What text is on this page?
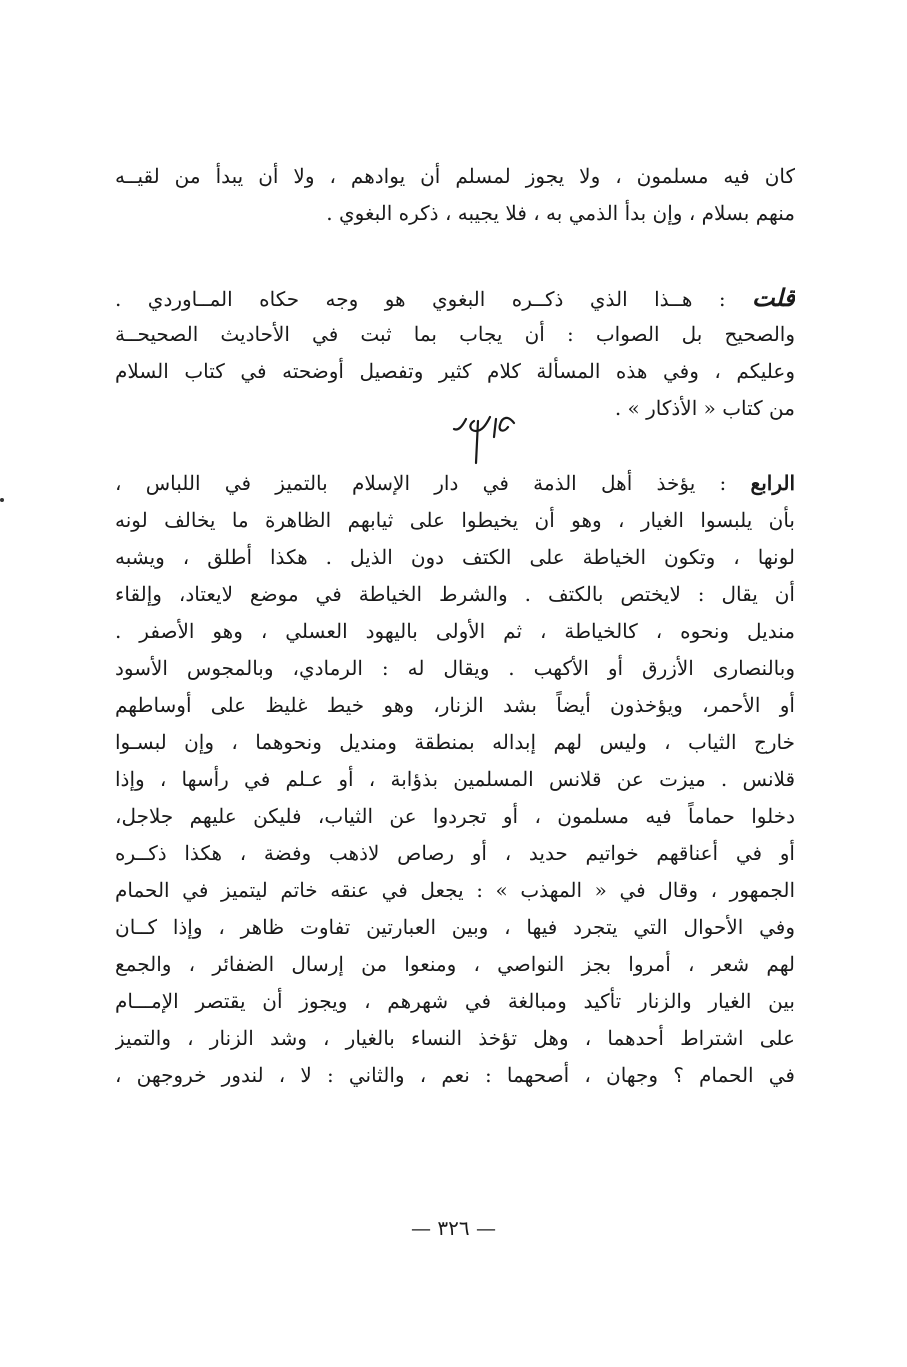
كان فيه مسلمون ، ولا يجوز لمسلم أن يوادهم ، ولا أن يبدأ من لقيــه
منهم بسلام ، وإن بدأ الذمي به ، فلا يجيبه ، ذكره البغوي .
قلت : هــذا الذي ذكــره البغوي هو وجه حكاه المــاوردي .
والصحيح بل الصواب : أن يجاب بما ثبت في الأحاديث الصحيحــة
وعليكم ، وفي هذه المسألة كلام كثير وتفصيل أوضحته في كتاب السلام
من كتاب « الأذكار » .
الرابع : يؤخذ أهل الذمة في دار الإسلام بالتميز في اللباس ،
بأن يلبسوا الغيار ، وهو أن يخيطوا على ثيابهم الظاهرة ما يخالف لونه
لونها ، وتكون الخياطة على الكتف دون الذيل . هكذا أطلق ، ويشبه
أن يقال : لايختص بالكتف . والشرط الخياطة في موضع لايعتاد، وإلقاء
منديل ونحوه ، كالخياطة ، ثم الأولى باليهود العسلي ، وهو الأصفر .
وبالنصارى الأزرق أو الأكهب . ويقال له : الرمادي، وبالمجوس الأسود
أو الأحمر، ويؤخذون أيضاً بشد الزنار، وهو خيط غليظ على أوساطهم
خارج الثياب ، وليس لهم إبداله بمنطقة ومنديل ونحوهما ، وإن لبسـوا
قلانس . ميزت عن قلانس المسلمين بذؤابة ، أو عـلم في رأسها ، وإذا
دخلوا حماماً فيه مسلمون ، أو تجردوا عن الثياب، فليكن عليهم جلاجل،
أو في أعناقهم خواتيم حديد ، أو رصاص لاذهب وفضة ، هكذا ذكــره
الجمهور ، وقال في « المهذب » : يجعل في عنقه خاتم ليتميز في الحمام
وفي الأحوال التي يتجرد فيها ، وبين العبارتين تفاوت ظاهر ، وإذا كــان
لهم شعر ، أمروا بجز النواصي ، ومنعوا من إرسال الضفائر ، والجمع
بين الغيار والزنار تأكيد ومبالغة في شهرهم ، ويجوز أن يقتصر الإمـــام
على اشتراط أحدهما ، وهل تؤخذ النساء بالغيار ، وشد الزنار ، والتميز
في الحمام ؟ وجهان ، أصحهما : نعم ، والثاني : لا ، لندور خروجهن ،
— ٣٢٦ —
